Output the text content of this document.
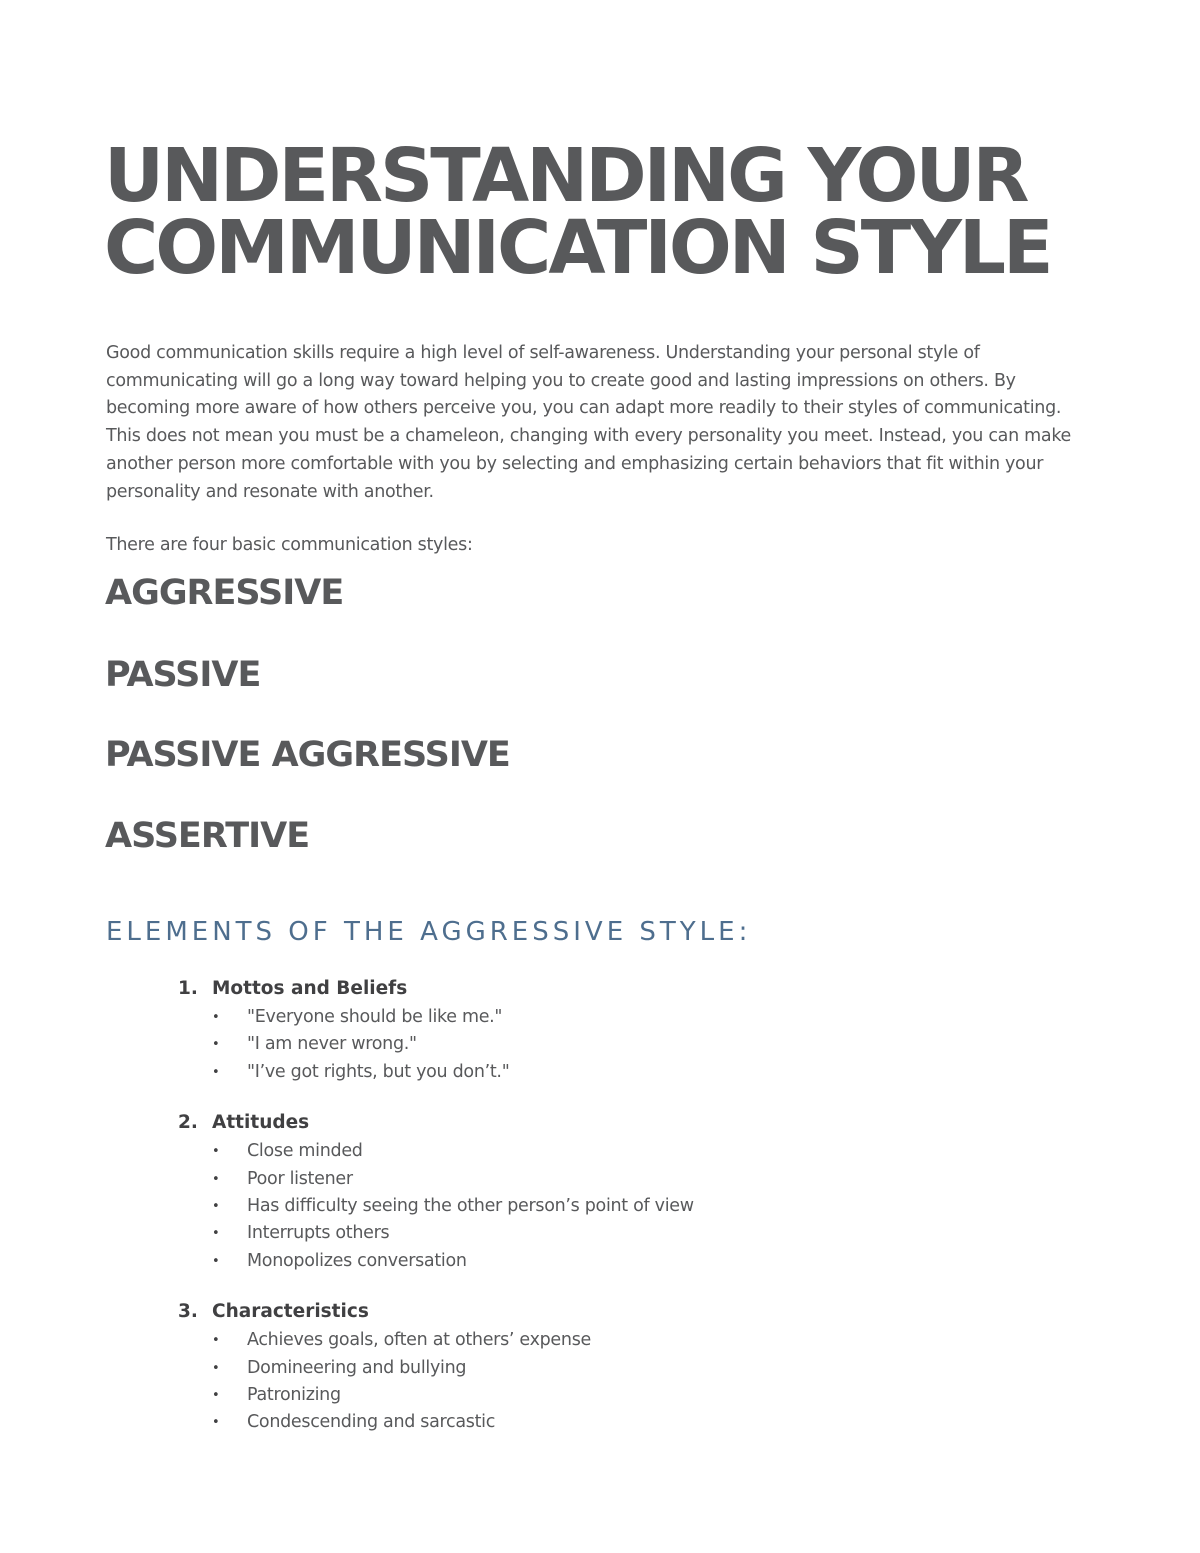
UNDERSTANDING YOUR
COMMUNICATION STYLE

Good communication skills require a high level of self-awareness. Understanding your personal style of communicating will go a long way toward helping you to create good and lasting impressions on others. By becoming more aware of how others perceive you, you can adapt more readily to their styles of communicating. This does not mean you must be a chameleon, changing with every personality you meet. Instead, you can make another person more comfortable with you by selecting and emphasizing certain behaviors that fit within your personality and resonate with another.

There are four basic communication styles:

AGGRESSIVE
PASSIVE
PASSIVE AGGRESSIVE
ASSERTIVE
ELEMENTS OF THE AGGRESSIVE STYLE:
1. Mottos and Beliefs
• "Everyone should be like me."
• "I am never wrong."
• "I’ve got rights, but you don’t."
2. Attitudes
• Close minded
• Poor listener
• Has difficulty seeing the other person’s point of view
• Interrupts others
• Monopolizes conversation
3. Characteristics
• Achieves goals, often at others’ expense
• Domineering and bullying
• Patronizing
• Condescending and sarcastic
